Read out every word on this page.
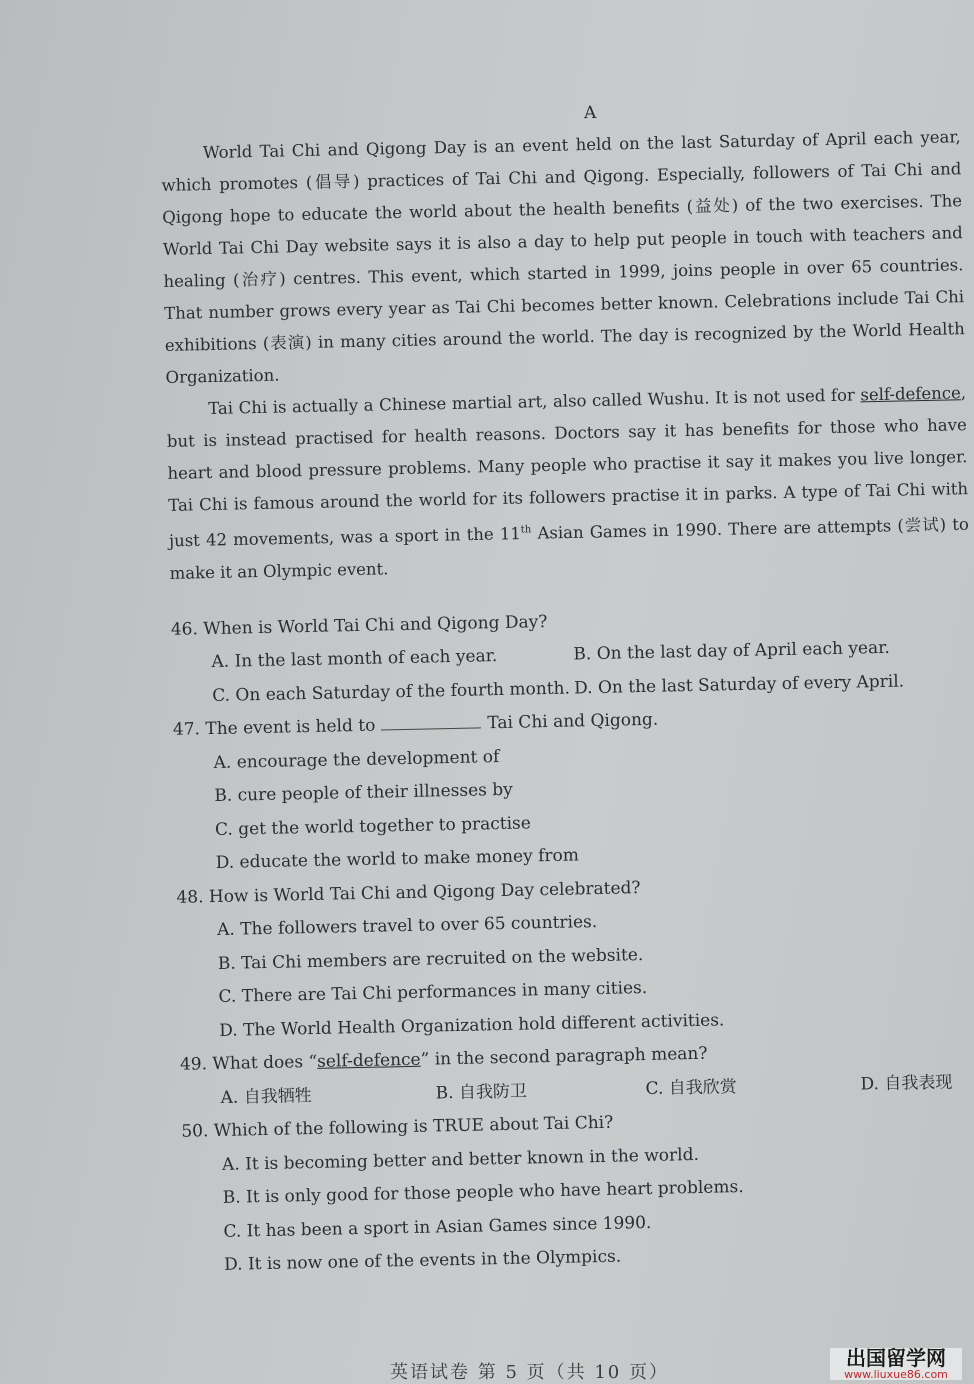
A

World Tai Chi and Qigong Day is an event held on the last Saturday of April each year, which promotes (倡导) practices of Tai Chi and Qigong. Especially, followers of Tai Chi and Qigong hope to educate the world about the health benefits (益处) of the two exercises. The World Tai Chi Day website says it is also a day to help put people in touch with teachers and healing (治疗) centres. This event, which started in 1999, joins people in over 65 countries. That number grows every year as Tai Chi becomes better known. Celebrations include Tai Chi exhibitions (表演) in many cities around the world. The day is recognized by the World Health Organization.

Tai Chi is actually a Chinese martial art, also called Wushu. It is not used for self-defence, but is instead practised for health reasons. Doctors say it has benefits for those who have heart and blood pressure problems. Many people who practise it say it makes you live longer. Tai Chi is famous around the world for its followers practise it in parks. A type of Tai Chi with just 42 movements, was a sport in the 11th Asian Games in 1990. There are attempts (尝试) to make it an Olympic event.

46. When is World Tai Chi and Qigong Day?

A. In the last month of each year.	B. On the last day of April each year.
C. On each Saturday of the fourth month. D. On the last Saturday of every April.

47. The event is held to	Tai Chi and Qigong.

A. encourage the development of
B. cure people of their illnesses by
C. get the world together to practise
D. educate the world to make money from

48. How is World Tai Chi and Qigong Day celebrated?

A. The followers travel to over 65 countries.
B. Tai Chi members are recruited on the website.
C. There are Tai Chi performances in many cities.
D. The World Health Organization hold different activities.

49. What does “self-defence” in the second paragraph mean?

A. 自我牺牲	B. 自我防卫	C. 自我欣赏	D. 自我表现

50. Which of the following is TRUE about Tai Chi?

A. It is becoming better and better known in the world.
B. It is only good for those people who have heart problems.
C. It has been a sport in Asian Games since 1990.
D. It is now one of the events in the Olympics.
英语试卷 第 5 页（共 10 页）
出国留学网
www.liuxue86.com
